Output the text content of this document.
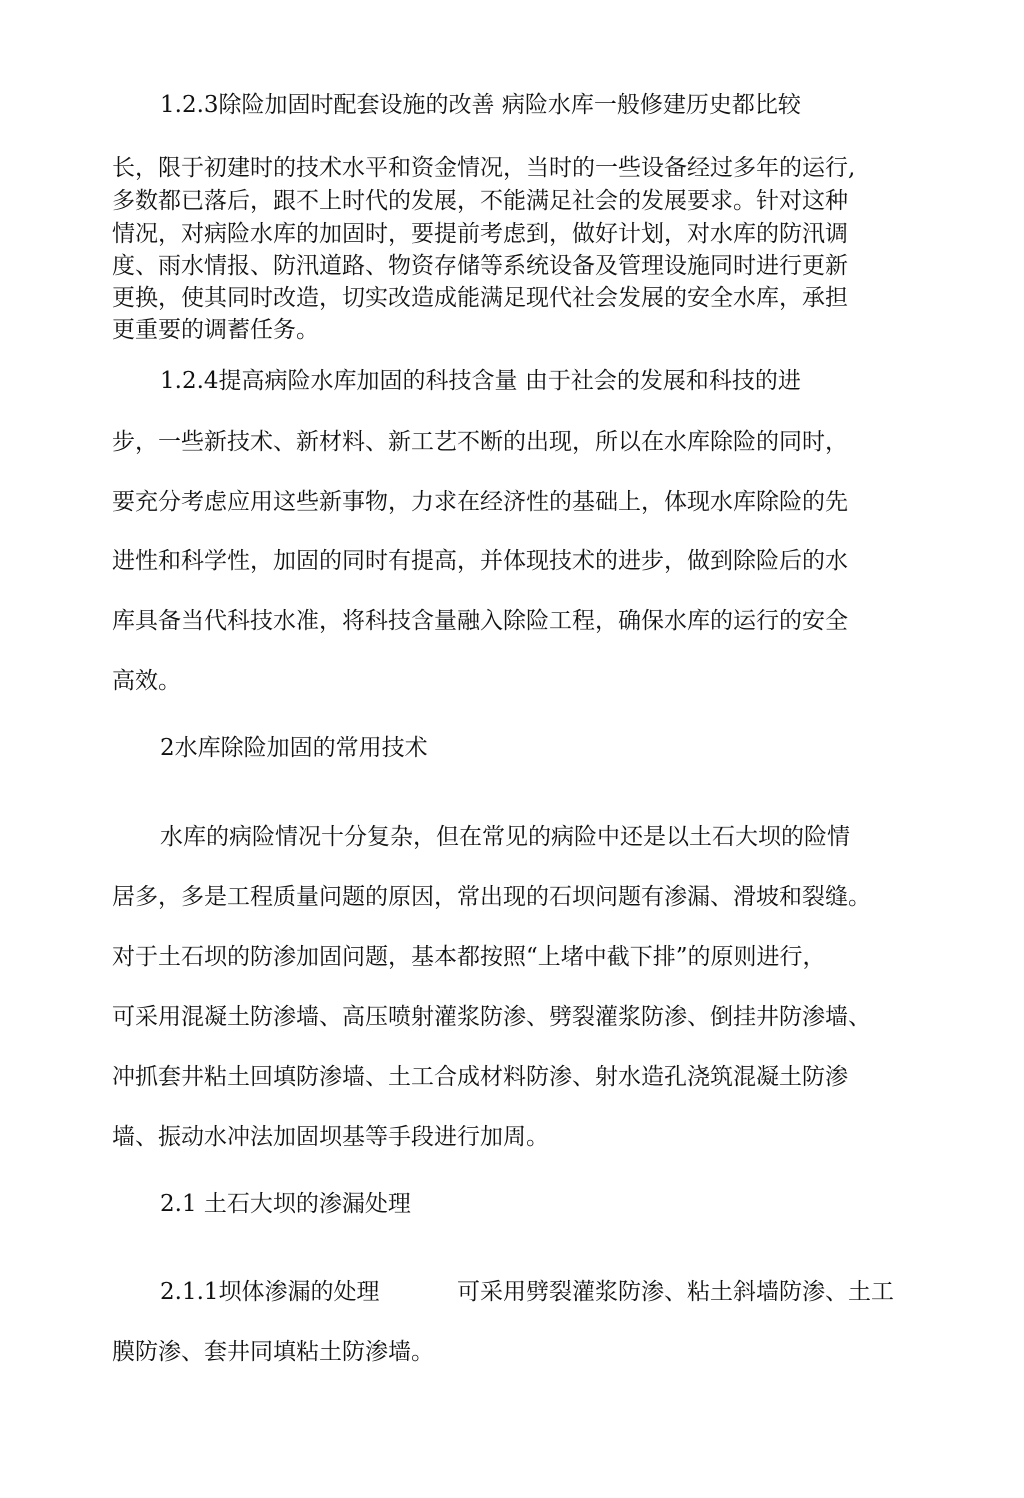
1.2.3除险加固时配套设施的改善 病险水库一般修建历史都比较
长，限于初建时的技术水平和资金情况，当时的一些设备经过多年的运行,
多数都已落后，跟不上时代的发展，不能满足社会的发展要求。针对这种
情况，对病险水库的加固时，要提前考虑到，做好计划，对水库的防汛调
度、雨水情报、防汛道路、物资存储等系统设备及管理设施同时进行更新
更换，使其同时改造，切实改造成能满足现代社会发展的安全水库，承担
更重要的调蓄任务。
1.2.4提高病险水库加固的科技含量 由于社会的发展和科技的进
步，一些新技术、新材料、新工艺不断的出现，所以在水库除险的同时，
要充分考虑应用这些新事物，力求在经济性的基础上，体现水库除险的先
进性和科学性，加固的同时有提高，并体现技术的进步，做到除险后的水
库具备当代科技水准，将科技含量融入除险工程，确保水库的运行的安全
高效。
2水库除险加固的常用技术
水库的病险情况十分复杂，但在常见的病险中还是以土石大坝的险情
居多，多是工程质量问题的原因，常出现的石坝问题有渗漏、滑坡和裂缝。
对于土石坝的防渗加固问题，基本都按照“上堵中截下排”的原则进行，
可采用混凝土防渗墙、高压喷射灌浆防渗、劈裂灌浆防渗、倒挂井防渗墙、
冲抓套井粘土回填防渗墙、土工合成材料防渗、射水造孔浇筑混凝土防渗
墙、振动水冲法加固坝基等手段进行加周。
2.1 土石大坝的渗漏处理
2.1.1坝体渗漏的处理	可采用劈裂灌浆防渗、粘土斜墙防渗、土工
膜防渗、套井同填粘土防渗墙。
